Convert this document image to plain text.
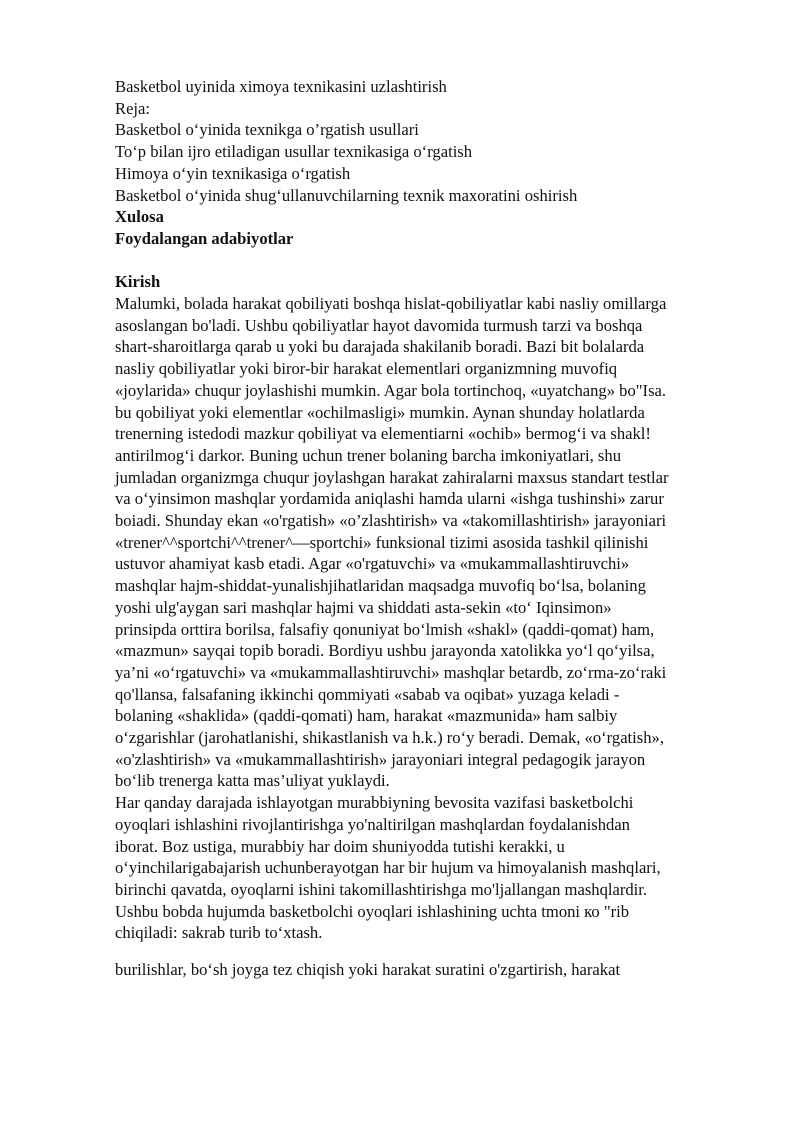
Basketbol uyinida ximoya texnikasini uzlashtirish
Reja:
Basketbol o‘yinida texnikga o’rgatish usullari
To‘p bilan ijro etiladigan usullar texnikasiga o‘rgatish
Himoya o‘yin texnikasiga o‘rgatish
Basketbol o‘yinida shug‘ullanuvchilarning texnik maxoratini oshirish
Xulosa
Foydalangan adabiyotlar
Kirish
Malumki, bolada harakat qobiliyati boshqa hislat-qobiliyatlar kabi nasliy omillarga
asoslangan bo'ladi. Ushbu qobiliyatlar hayot davomida turmush tarzi va boshqa
shart-sharoitlarga qarab u yoki bu darajada shakilanib boradi. Bazi bit bolalarda
nasliy qobiliyatlar yoki biror-bir harakat elementlari organizmning muvofiq
«joylarida» chuqur joylashishi mumkin. Agar bola tortinchoq, «uyatchang» bo"Isa.
bu qobiliyat yoki elementlar «ochilmasligi» mumkin. Aynan shunday holatlarda
trenerning istedodi mazkur qobiliyat va elementiarni «ochib» bermog‘i va shakl!
antirilmog‘i darkor. Buning uchun trener bolaning barcha imkoniyatlari, shu
jumladan organizmga chuqur joylashgan harakat zahiralarni maxsus standart testlar
va o‘yinsimon mashqlar yordamida aniqlashi hamda ularni «ishga tushinshi» zarur
boiadi. Shunday ekan «o'rgatish» «o’zlashtirish» va «takomillashtirish» jarayoniari
«trener^^sportchi^^trener^—sportchi» funksional tizimi asosida tashkil qilinishi
ustuvor ahamiyat kasb etadi. Agar «o'rgatuvchi» va «mukammallashtiruvchi»
mashqlar hajm-shiddat-yunalishjihatlaridan maqsadga muvofiq bo‘lsa, bolaning
yoshi ulg'aygan sari mashqlar hajmi va shiddati asta-sekin «to‘ Iqinsimon»
prinsipda orttira borilsa, falsafiy qonuniyat bo‘lmish «shakl» (qaddi-qomat) ham,
«mazmun» sayqai topib boradi. Bordiyu ushbu jarayonda xatolikka yo‘l qo‘yilsa,
ya’ni «o‘rgatuvchi» va «mukammallashtiruvchi» mashqlar betardb, zo‘rma-zo‘raki
qo'llansa, falsafaning ikkinchi qommiyati «sabab va oqibat» yuzaga keladi -
bolaning «shaklida» (qaddi-qomati) ham, harakat «mazmunida» ham salbiy
o‘zgarishlar (jarohatlanishi, shikastlanish va h.k.) ro‘y beradi. Demak, «o‘rgatish»,
«o'zlashtirish» va «mukammallashtirish» jarayoniari integral pedagogik jarayon
bo‘lib trenerga katta mas’uliyat yuklaydi.
Har qanday darajada ishlayotgan murabbiyning bevosita vazifasi basketbolchi
oyoqlari ishlashini rivojlantirishga yo'naltirilgan mashqlardan foydalanishdan
iborat. Boz ustiga, murabbiy har doim shuniyodda tutishi kerakki, u
o‘yinchilarigabajarish uchunberayotgan har bir hujum va himoyalanish mashqlari,
birinchi qavatda, oyoqlarni ishini takomillashtirishga mo'ljallangan mashqlardir.
Ushbu bobda hujumda basketbolchi oyoqlari ishlashining uchta tmoni ко "rib
chiqiladi: sakrab turib to‘xtash.
burilishlar, bo‘sh joyga tez chiqish yoki harakat suratini o'zgartirish, harakat
